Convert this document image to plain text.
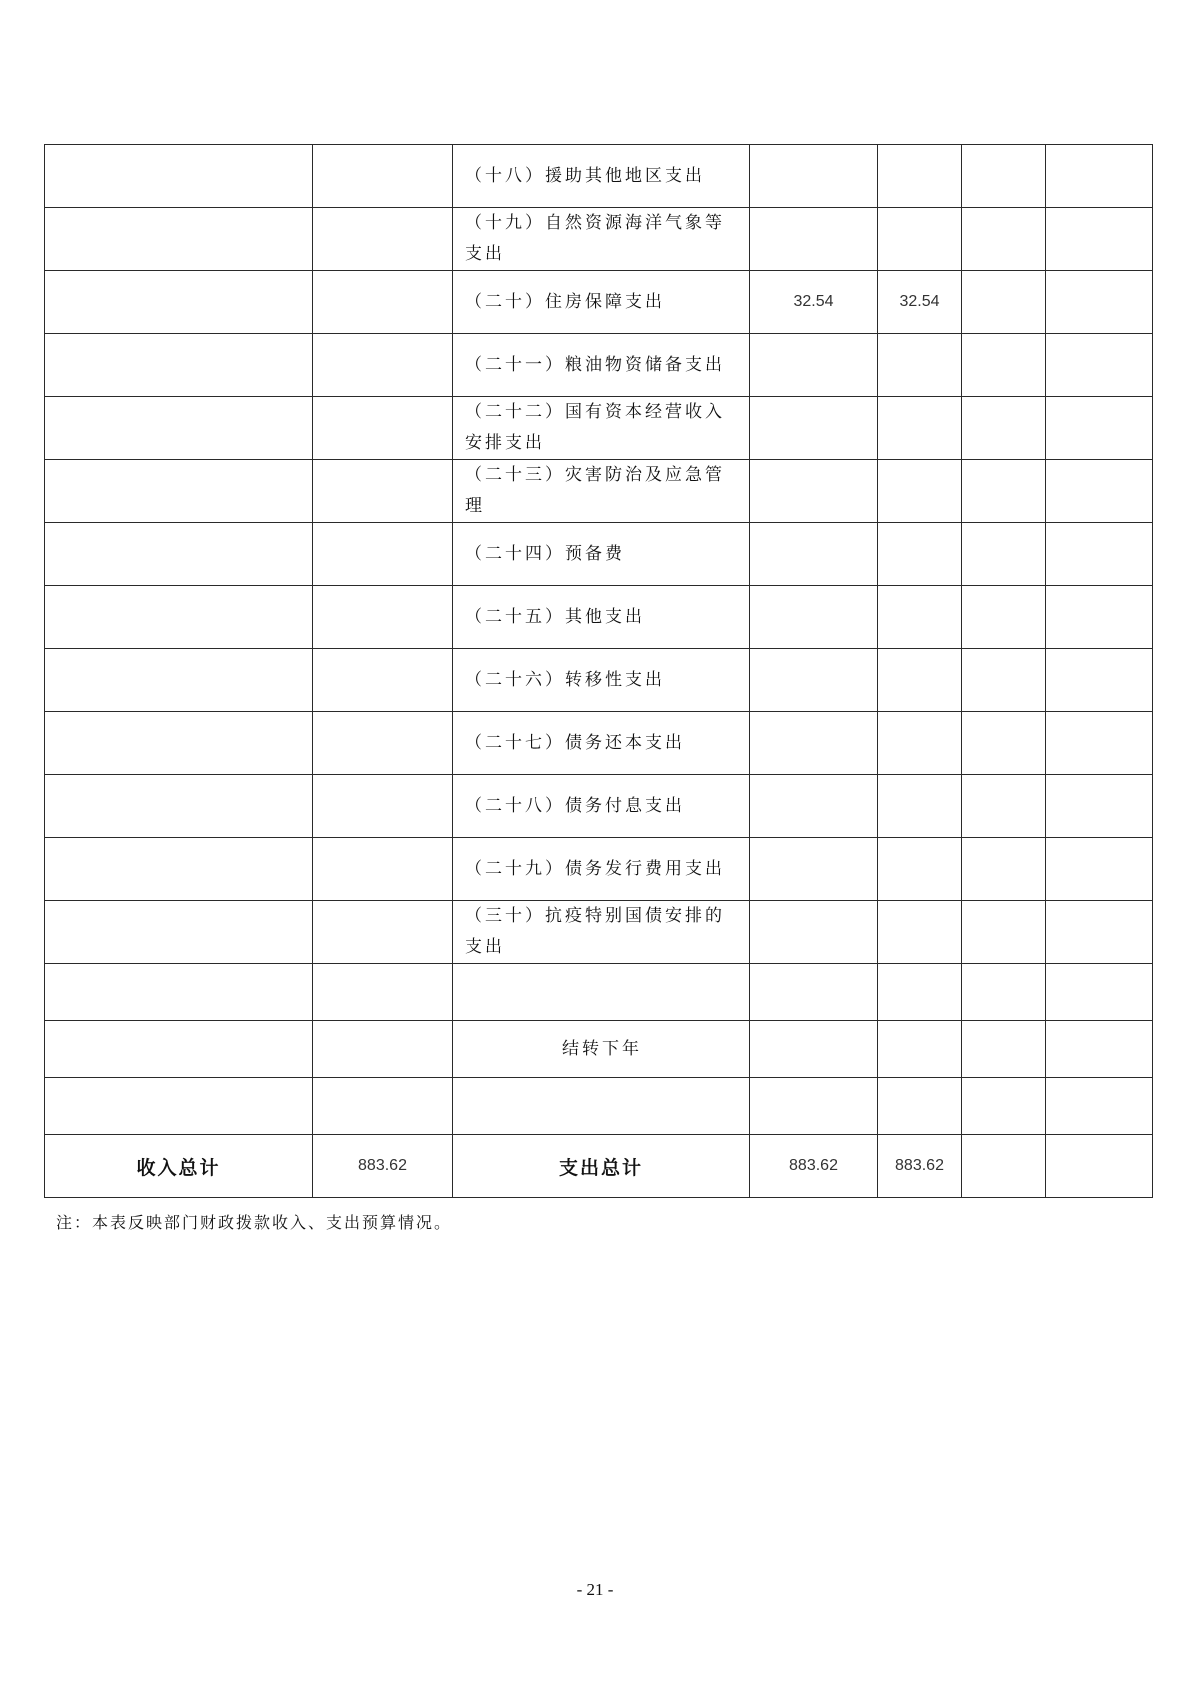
		（十八）援助其他地区支出				
		（十九）自然资源海洋气象等支出				
		（二十）住房保障支出	32.54	32.54		
		（二十一）粮油物资储备支出				
		（二十二）国有资本经营收入安排支出				
		（二十三）灾害防治及应急管理				
		（二十四）预备费				
		（二十五）其他支出				
		（二十六）转移性支出				
		（二十七）债务还本支出				
		（二十八）债务付息支出				
		（二十九）债务发行费用支出				
		（三十）抗疫特别国债安排的支出				

		结转下年				

收入总计	883.62	支出总计	883.62	883.62		
注：本表反映部门财政拨款收入、支出预算情况。
- 21 -
